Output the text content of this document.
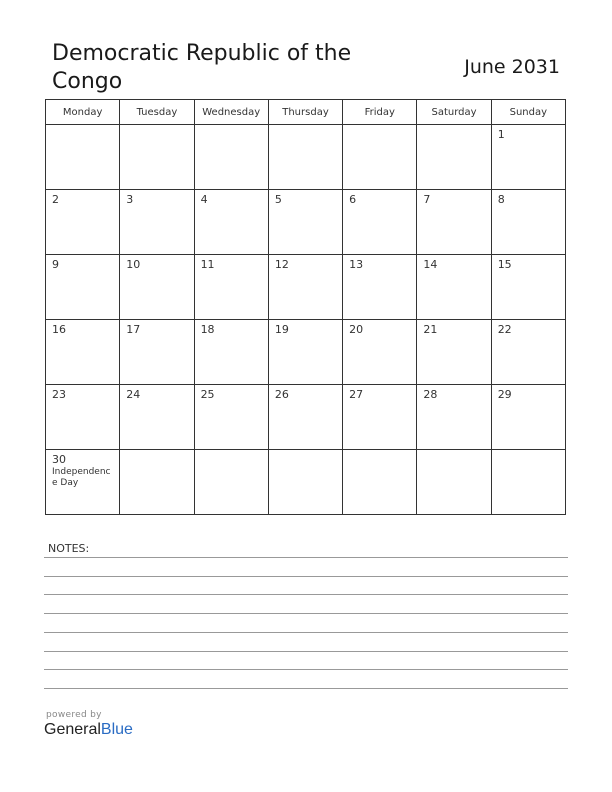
Democratic Republic of the Congo
June 2031
Monday	Tuesday	Wednesday	Thursday	Friday	Saturday	Sunday

						1

2	3	4	5	6	7	8

9	10	11	12	13	14	15

16	17	18	19	20	21	22

23	24	25	26	27	28	29

30
Independence Day						

NOTES:
powered by
GeneralBlue
